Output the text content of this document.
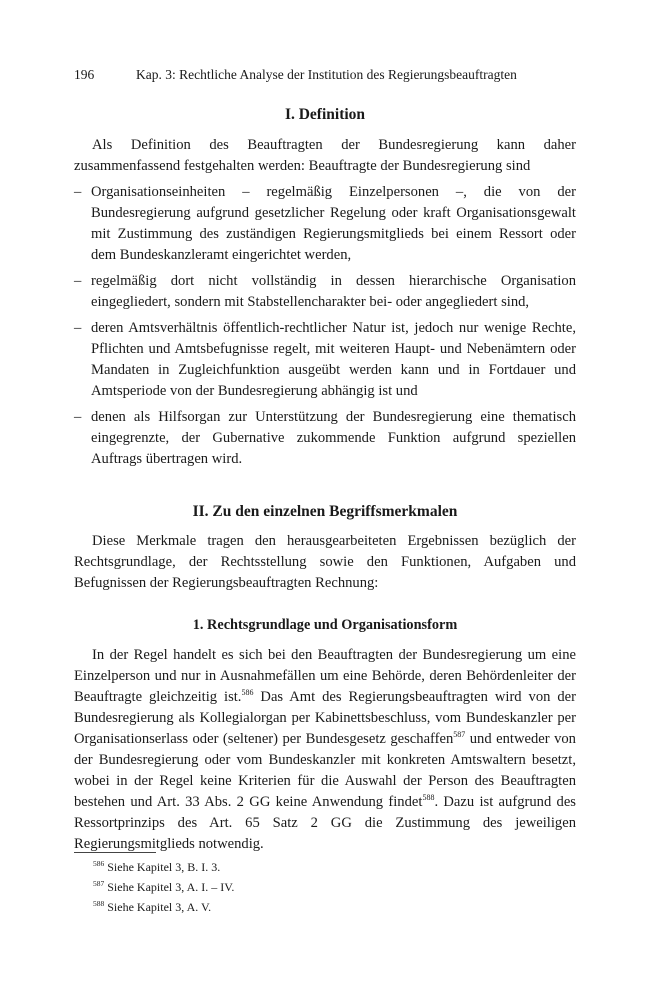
196	Kap. 3: Rechtliche Analyse der Institution des Regierungsbeauftragten
I. Definition

Als Definition des Beauftragten der Bundesregierung kann daher zusammenfassend festgehalten werden: Beauftragte der Bundesregierung sind

– Organisationseinheiten – regelmäßig Einzelpersonen –, die von der Bundesregierung aufgrund gesetzlicher Regelung oder kraft Organisationsgewalt mit Zustimmung des zuständigen Regierungsmitglieds bei einem Ressort oder dem Bundeskanzleramt eingerichtet werden,
– regelmäßig dort nicht vollständig in dessen hierarchische Organisation eingegliedert, sondern mit Stabstellencharakter bei- oder angegliedert sind,
– deren Amtsverhältnis öffentlich-rechtlicher Natur ist, jedoch nur wenige Rechte, Pflichten und Amtsbefugnisse regelt, mit weiteren Haupt- und Nebenämtern oder Mandaten in Zugleichfunktion ausgeübt werden kann und in Fortdauer und Amtsperiode von der Bundesregierung abhängig ist und
– denen als Hilfsorgan zur Unterstützung der Bundesregierung eine thematisch eingegrenzte, der Gubernative zukommende Funktion aufgrund speziellen Auftrags übertragen wird.
II. Zu den einzelnen Begriffsmerkmalen

Diese Merkmale tragen den herausgearbeiteten Ergebnissen bezüglich der Rechtsgrundlage, der Rechtsstellung sowie den Funktionen, Aufgaben und Befugnissen der Regierungsbeauftragten Rechnung:

1. Rechtsgrundlage und Organisationsform

In der Regel handelt es sich bei den Beauftragten der Bundesregierung um eine Einzelperson und nur in Ausnahmefällen um eine Behörde, deren Behördenleiter der Beauftragte gleichzeitig ist.$^{586}$ Das Amt des Regierungsbeauftragten wird von der Bundesregierung als Kollegialorgan per Kabinettsbeschluss, vom Bundeskanzler per Organisationserlass oder (seltener) per Bundesgesetz geschaffen$^{587}$ und entweder von der Bundesregierung oder vom Bundeskanzler mit konkreten Amtswaltern besetzt, wobei in der Regel keine Kriterien für die Auswahl der Person des Beauftragten bestehen und Art. 33 Abs. 2 GG keine Anwendung findet$^{588}$. Dazu ist aufgrund des Ressortprinzips des Art. 65 Satz 2 GG die Zustimmung des jeweiligen Regierungsmitglieds notwendig.

$^{586}$ Siehe Kapitel 3, B. I. 3.
$^{587}$ Siehe Kapitel 3, A. I. – IV.
$^{588}$ Siehe Kapitel 3, A. V.
